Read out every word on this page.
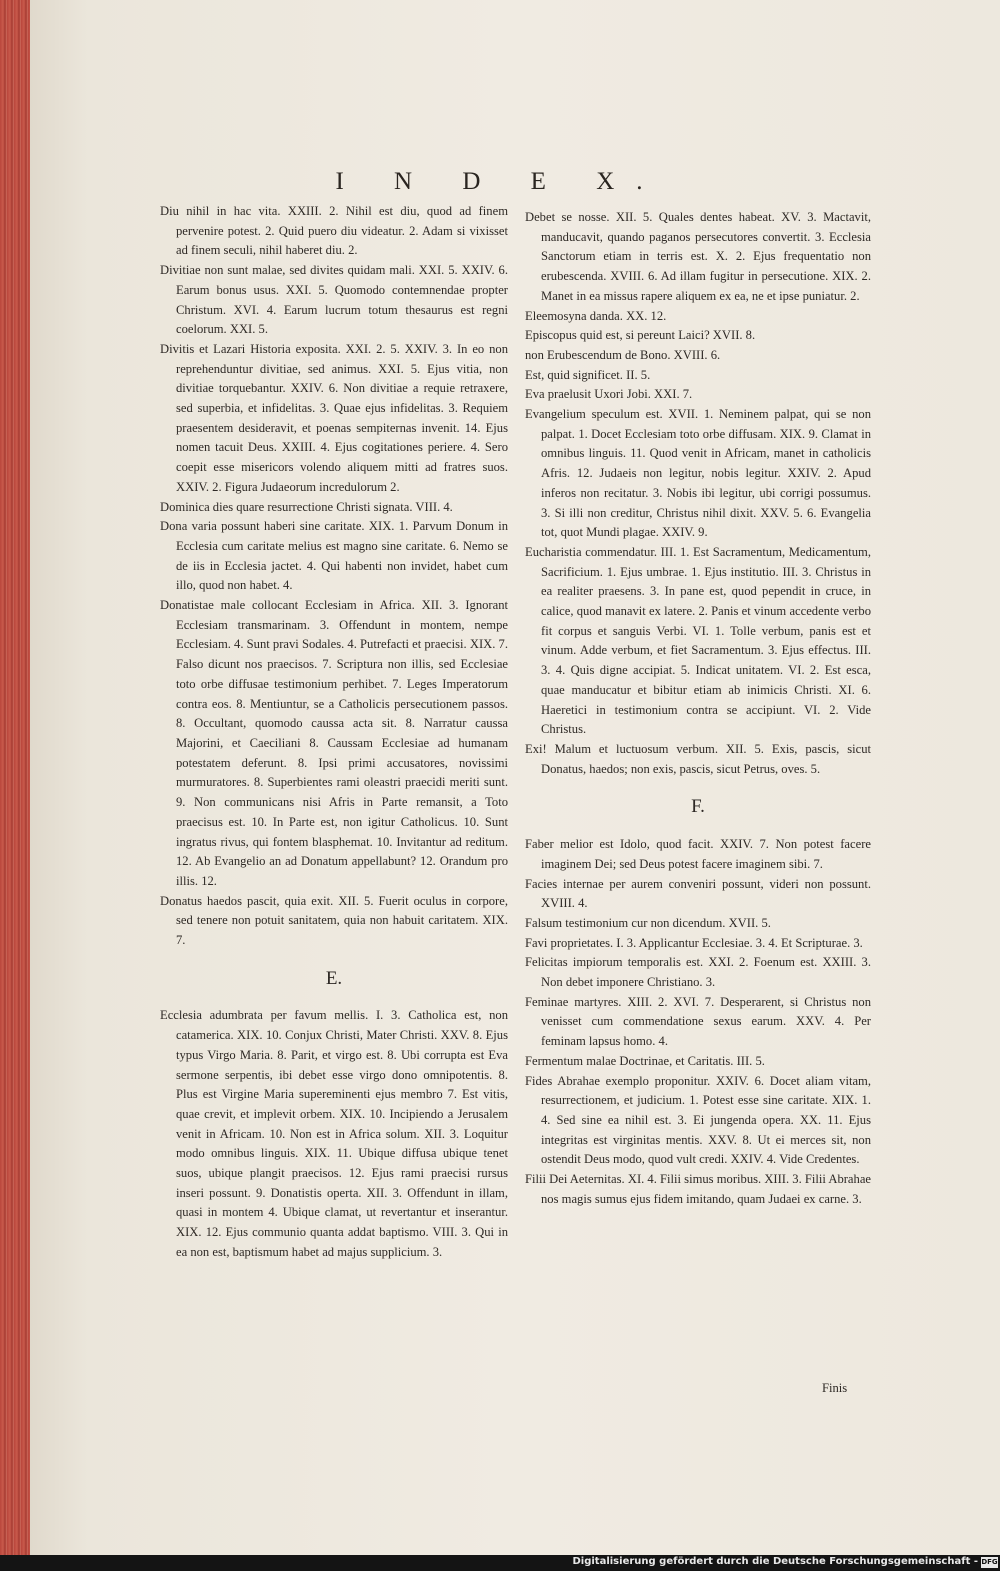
I N D E X.

Diu nihil in hac vita. XXIII. 2. Nihil est diu, quod ad finem pervenire potest. 2. Quid puero diu videatur. 2. Adam si vixisset ad finem seculi, nihil haberet diu. 2.

Divitiae non sunt malae, sed divites quidam mali. XXI. 5. XXIV. 6. Earum bonus usus. XXI. 5. Quomodo contemnendae propter Christum. XVI. 4. Earum lucrum totum thesaurus est regni coelorum. XXI. 5.

Divitis et Lazari Historia exposita. XXI. 2. 5. XXIV. 3. In eo non reprehenduntur divitiae, sed animus. XXI. 5. Ejus vitia, non divitiae torquebantur. XXIV. 6. Non divitiae a requie retraxere, sed superbia, et infidelitas. 3. Quae ejus infidelitas. 3. Requiem praesentem desideravit, et poenas sempiternas invenit. 14. Ejus nomen tacuit Deus. XXIII. 4. Ejus cogitationes periere. 4. Sero coepit esse misericors volendo aliquem mitti ad fratres suos. XXIV. 2. Figura Judaeorum incredulorum 2.

Dominica dies quare resurrectione Christi signata. VIII. 4.

Dona varia possunt haberi sine caritate. XIX. 1. Parvum Donum in Ecclesia cum caritate melius est magno sine caritate. 6. Nemo se de iis in Ecclesia jactet. 4. Qui habenti non invidet, habet cum illo, quod non habet. 4.

Donatistae male collocant Ecclesiam in Africa. XII. 3. Ignorant Ecclesiam transmarinam. 3. Offendunt in montem, nempe Ecclesiam. 4. Sunt pravi Sodales. 4. Putrefacti et praecisi. XIX. 7. Falso dicunt nos praecisos. 7. Scriptura non illis, sed Ecclesiae toto orbe diffusae testimonium perhibet. 7. Leges Imperatorum contra eos. 8. Mentiuntur, se a Catholicis persecutionem passos. 8. Occultant, quomodo caussa acta sit. 8. Narratur caussa Majorini, et Caeciliani 8. Caussam Ecclesiae ad humanam potestatem deferunt. 8. Ipsi primi accusatores, novissimi murmuratores. 8. Superbientes rami oleastri praecidi meriti sunt. 9. Non communicans nisi Afris in Parte remansit, a Toto praecisus est. 10. In Parte est, non igitur Catholicus. 10. Sunt ingratus rivus, qui fontem blasphemat. 10. Invitantur ad reditum. 12. Ab Evangelio an ad Donatum appellabunt? 12. Orandum pro illis. 12.

Donatus haedos pascit, quia exit. XII. 5. Fuerit oculus in corpore, sed tenere non potuit sanitatem, quia non habuit caritatem. XIX. 7.

E.

Ecclesia adumbrata per favum mellis. I. 3. Catholica est, non catamerica. XIX. 10. Conjux Christi, Mater Christi. XXV. 8. Ejus typus Virgo Maria. 8. Parit, et virgo est. 8. Ubi corrupta est Eva sermone serpentis, ibi debet esse virgo dono omnipotentis. 8. Plus est Virgine Maria supereminenti ejus membro 7. Est vitis, quae crevit, et implevit orbem. XIX. 10. Incipiendo a Jerusalem venit in Africam. 10. Non est in Africa solum. XII. 3. Loquitur modo omnibus linguis. XIX. 11. Ubique diffusa ubique tenet suos, ubique plangit praecisos. 12. Ejus rami praecisi rursus inseri possunt. 9. Donatistis operta. XII. 3. Offendunt in illam, quasi in montem 4. Ubique clamat, ut revertantur et inserantur. XIX. 12. Ejus communio quanta addat baptismo. VIII. 3. Qui in ea non est, baptismum habet ad majus supplicium. 3.

Debet se nosse. XII. 5. Quales dentes habeat. XV. 3. Mactavit, manducavit, quando paganos persecutores convertit. 3. Ecclesia Sanctorum etiam in terris est. X. 2. Ejus frequentatio non erubescenda. XVIII. 6. Ad illam fugitur in persecutione. XIX. 2. Manet in ea missus rapere aliquem ex ea, ne et ipse puniatur. 2.

Eleemosyna danda. XX. 12.

Episcopus quid est, si pereunt Laici? XVII. 8.

non Erubescendum de Bono. XVIII. 6.

Est, quid significet. II. 5.

Eva praelusit Uxori Jobi. XXI. 7.

Evangelium speculum est. XVII. 1. Neminem palpat, qui se non palpat. 1. Docet Ecclesiam toto orbe diffusam. XIX. 9. Clamat in omnibus linguis. 11. Quod venit in Africam, manet in catholicis Afris. 12. Judaeis non legitur, nobis legitur. XXIV. 2. Apud inferos non recitatur. 3. Nobis ibi legitur, ubi corrigi possumus. 3. Si illi non creditur, Christus nihil dixit. XXV. 5. 6. Evangelia tot, quot Mundi plagae. XXIV. 9.

Eucharistia commendatur. III. 1. Est Sacramentum, Medicamentum, Sacrificium. 1. Ejus umbrae. 1. Ejus institutio. III. 3. Christus in ea realiter praesens. 3. In pane est, quod pependit in cruce, in calice, quod manavit ex latere. 2. Panis et vinum accedente verbo fit corpus et sanguis Verbi. VI. 1. Tolle verbum, panis est et vinum. Adde verbum, et fiet Sacramentum. 3. Ejus effectus. III. 3. 4. Quis digne accipiat. 5. Indicat unitatem. VI. 2. Est esca, quae manducatur et bibitur etiam ab inimicis Christi. XI. 6. Haeretici in testimonium contra se accipiunt. VI. 2. Vide Christus.

Exi! Malum et luctuosum verbum. XII. 5. Exis, pascis, sicut Donatus, haedos; non exis, pascis, sicut Petrus, oves. 5.

F.

Faber melior est Idolo, quod facit. XXIV. 7. Non potest facere imaginem Dei; sed Deus potest facere imaginem sibi. 7.

Facies internae per aurem conveniri possunt, videri non possunt. XVIII. 4.

Falsum testimonium cur non dicendum. XVII. 5.

Favi proprietates. I. 3. Applicantur Ecclesiae. 3. 4. Et Scripturae. 3.

Felicitas impiorum temporalis est. XXI. 2. Foenum est. XXIII. 3. Non debet imponere Christiano. 3.

Feminae martyres. XIII. 2. XVI. 7. Desperarent, si Christus non venisset cum commendatione sexus earum. XXV. 4. Per feminam lapsus homo. 4.

Fermentum malae Doctrinae, et Caritatis. III. 5.

Fides Abrahae exemplo proponitur. XXIV. 6. Docet aliam vitam, resurrectionem, et judicium. 1. Potest esse sine caritate. XIX. 1. 4. Sed sine ea nihil est. 3. Ei jungenda opera. XX. 11. Ejus integritas est virginitas mentis. XXV. 8. Ut ei merces sit, non ostendit Deus modo, quod vult credi. XXIV. 4. Vide Credentes.

Filii Dei Aeternitas. XI. 4. Filii simus moribus. XIII. 3. Filii Abrahae nos magis sumus ejus fidem imitando, quam Judaei ex carne. 3.

Finis
Digitalisierung gefördert durch die Deutsche Forschungsgemeinschaft - DFG
